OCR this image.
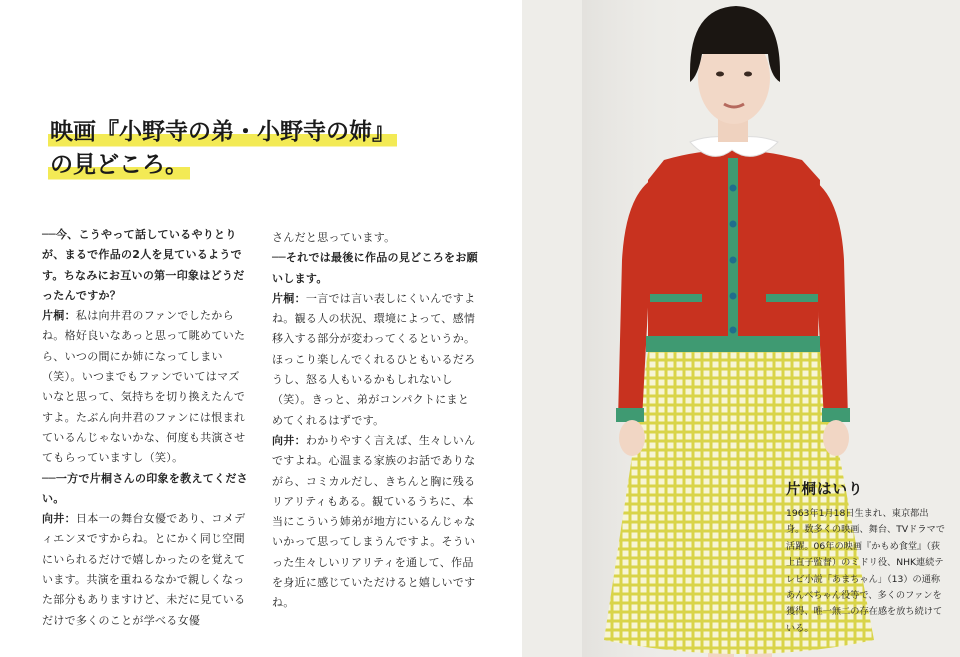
映画『小野寺の弟・小野寺の姉』
の見どころ。

──今、こうやって話しているやりとりが、まるで作品の2人を見ているようです。ちなみにお互いの第一印象はどうだったんですか？

片桐：私は向井君のファンでしたからね。格好良いなあっと思って眺めていたら、いつの間にか姉になってしまい（笑）。いつまでもファンでいてはマズいなと思って、気持ちを切り換えたんですよ。たぶん向井君のファンには恨まれているんじゃないかな、何度も共演させてもらっていますし（笑）。

──一方で片桐さんの印象を教えてください。

向井：日本一の舞台女優であり、コメディエンヌですからね。とにかく同じ空間にいられるだけで嬉しかったのを覚えています。共演を重ねるなかで親しくなった部分もありますけど、未だに見ているだけで多くのことが学べる女優

さんだと思っています。

──それでは最後に作品の見どころをお願いします。

片桐：一言では言い表しにくいんですよね。観る人の状況、環境によって、感情移入する部分が変わってくるというか。ほっこり楽しんでくれるひともいるだろうし、怒る人もいるかもしれないし（笑）。きっと、弟がコンパクトにまとめてくれるはずです。

向井：わかりやすく言えば、生々しいんですよね。心温まる家族のお話でありながら、コミカルだし、きちんと胸に残るリアリティもある。観ているうちに、本当にこういう姉弟が地方にいるんじゃないかって思ってしまうんですよ。そういった生々しいリアリティを通して、作品を身近に感じていただけると嬉しいですね。

片桐はいり

1963年1月18日生まれ、東京都出身。数多くの映画、舞台、TVドラマで活躍。06年の映画『かもめ食堂』（荻上直子監督）のミドリ役、NHK連続テレビ小説「あまちゃん」（13）の通称あんべちゃん役等で、多くのファンを獲得、唯一無二の存在感を放ち続けている。
